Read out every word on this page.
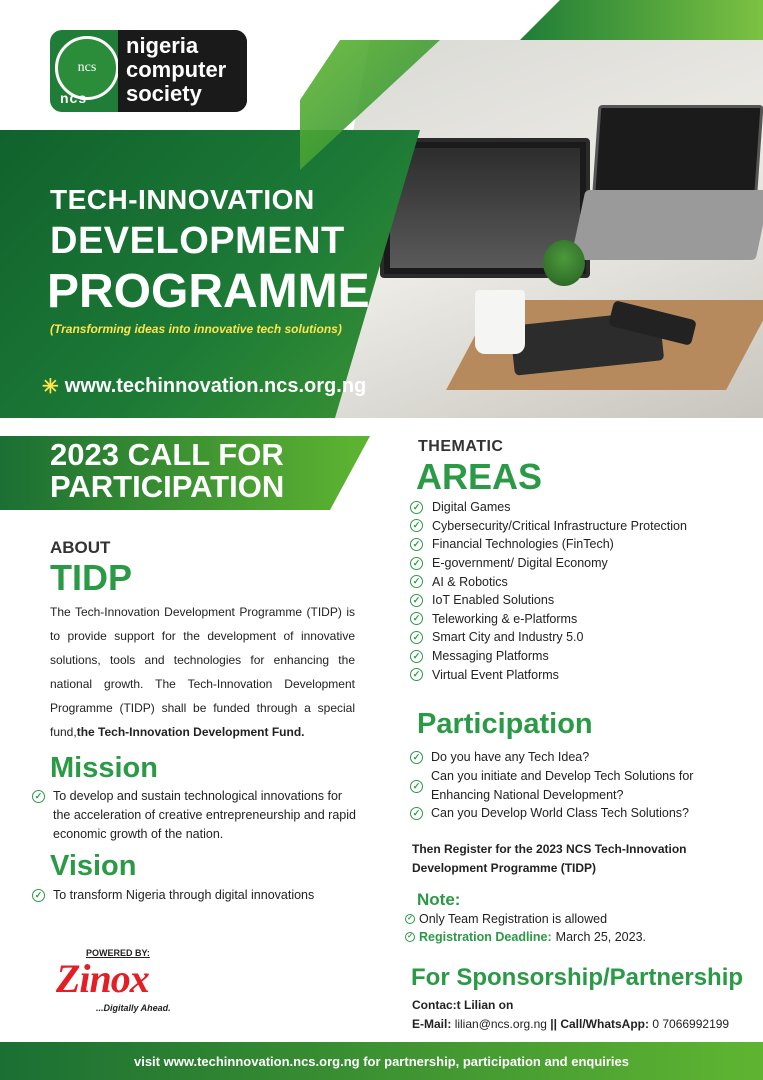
ncs
ncs
nigeria
computer
society
TECH-INNOVATION
DEVELOPMENT
PROGRAMME
(Transforming ideas into innovative tech solutions)
✳ www.techinnovation.ncs.org.ng
2023 CALL FOR
PARTICIPATION
ABOUT
TIDP
The Tech-Innovation Development Programme (TIDP) is to provide support for the development of innovative solutions, tools and technologies for enhancing the national growth. The Tech-Innovation Development Programme (TIDP) shall be funded through a special fund,the Tech-Innovation Development Fund.
Mission
✓ To develop and sustain technological innovations for the acceleration of creative entrepreneurship and rapid economic growth of the nation.
Vision
✓ To transform Nigeria through digital innovations
POWERED BY:
Zinox
...Digitally Ahead.
THEMATIC
AREAS
✓ Digital Games
✓ Cybersecurity/Critical Infrastructure Protection
✓ Financial Technologies (FinTech)
✓ E-government/ Digital Economy
✓ AI & Robotics
✓ IoT Enabled Solutions
✓ Teleworking & e-Platforms
✓ Smart City and Industry 5.0
✓ Messaging Platforms
✓ Virtual Event Platforms
Participation
✓ Do you have any Tech Idea?
✓
Can you initiate and Develop Tech Solutions for Enhancing National Development?
✓ Can you Develop World Class Tech Solutions?
Then Register for the 2023 NCS Tech-Innovation Development Programme (TIDP)
Note:
✓ Only Team Registration is allowed
✓ Registration Deadline: March 25, 2023.
For Sponsorship/Partnership
Contac:t Lilian on
E-Mail: lilian@ncs.org.ng || Call/WhatsApp: 0 7066992199
visit www.techinnovation.ncs.org.ng for partnership, participation and enquiries
